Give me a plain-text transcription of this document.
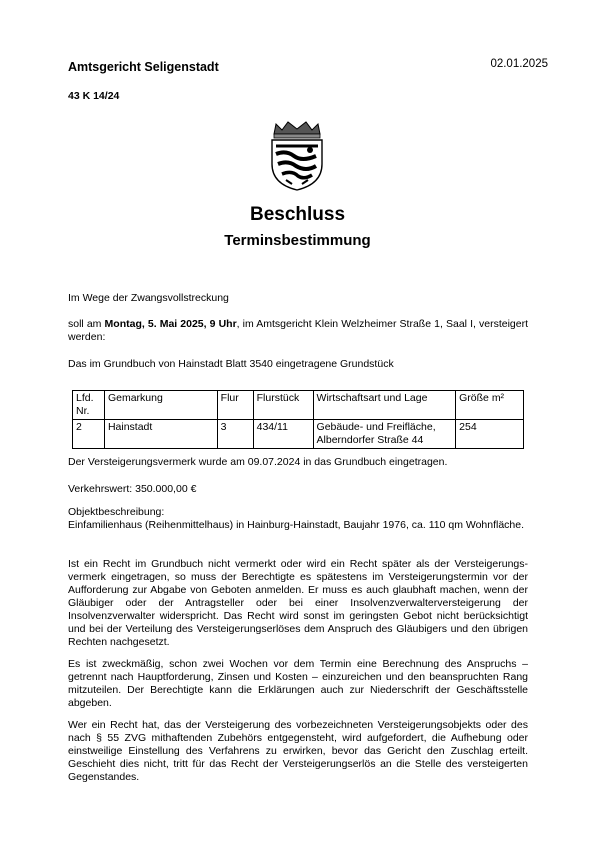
Amtsgericht Seligenstadt	02.01.2025
43 K 14/24
Beschluss
Terminsbestimmung
Im Wege der Zwangsvollstreckung
soll am Montag, 5. Mai 2025, 9 Uhr, im Amtsgericht Klein Welzheimer Straße 1, Saal I, versteigert werden:
Das im Grundbuch von Hainstadt Blatt 3540 eingetragene Grundstück
Lfd. Nr.	Gemarkung	Flur	Flurstück	Wirtschaftsart und Lage	Größe m²
2	Hainstadt	3	434/11	Gebäude- und Freifläche, Alberndorfer Straße 44	254
Der Versteigerungsvermerk wurde am 09.07.2024 in das Grundbuch eingetragen.
Verkehrswert: 350.000,00 €
Objektbeschreibung:
Einfamilienhaus (Reihenmittelhaus) in Hainburg-Hainstadt, Baujahr 1976, ca. 110 qm Wohnfläche.
Ist ein Recht im Grundbuch nicht vermerkt oder wird ein Recht später als der Versteigerungs-vermerk eingetragen, so muss der Berechtigte es spätestens im Versteigerungstermin vor der Aufforderung zur Abgabe von Geboten anmelden. Er muss es auch glaubhaft machen, wenn der Gläubiger oder der Antragsteller oder bei einer Insolvenzverwalterversteigerung der Insolvenzverwalter widerspricht. Das Recht wird sonst im geringsten Gebot nicht berücksichtigt und bei der Verteilung des Versteigerungserlöses dem Anspruch des Gläubigers und den übrigen Rechten nachgesetzt.
Es ist zweckmäßig, schon zwei Wochen vor dem Termin eine Berechnung des Anspruchs – getrennt nach Hauptforderung, Zinsen und Kosten – einzureichen und den beanspruchten Rang mitzuteilen. Der Berechtigte kann die Erklärungen auch zur Niederschrift der Geschäftsstelle abgeben.
Wer ein Recht hat, das der Versteigerung des vorbezeichneten Versteigerungsobjekts oder des nach § 55 ZVG mithaftenden Zubehörs entgegensteht, wird aufgefordert, die Aufhebung oder einstweilige Einstellung des Verfahrens zu erwirken, bevor das Gericht den Zuschlag erteilt. Geschieht dies nicht, tritt für das Recht der Versteigerungserlös an die Stelle des versteigerten Gegenstandes.
